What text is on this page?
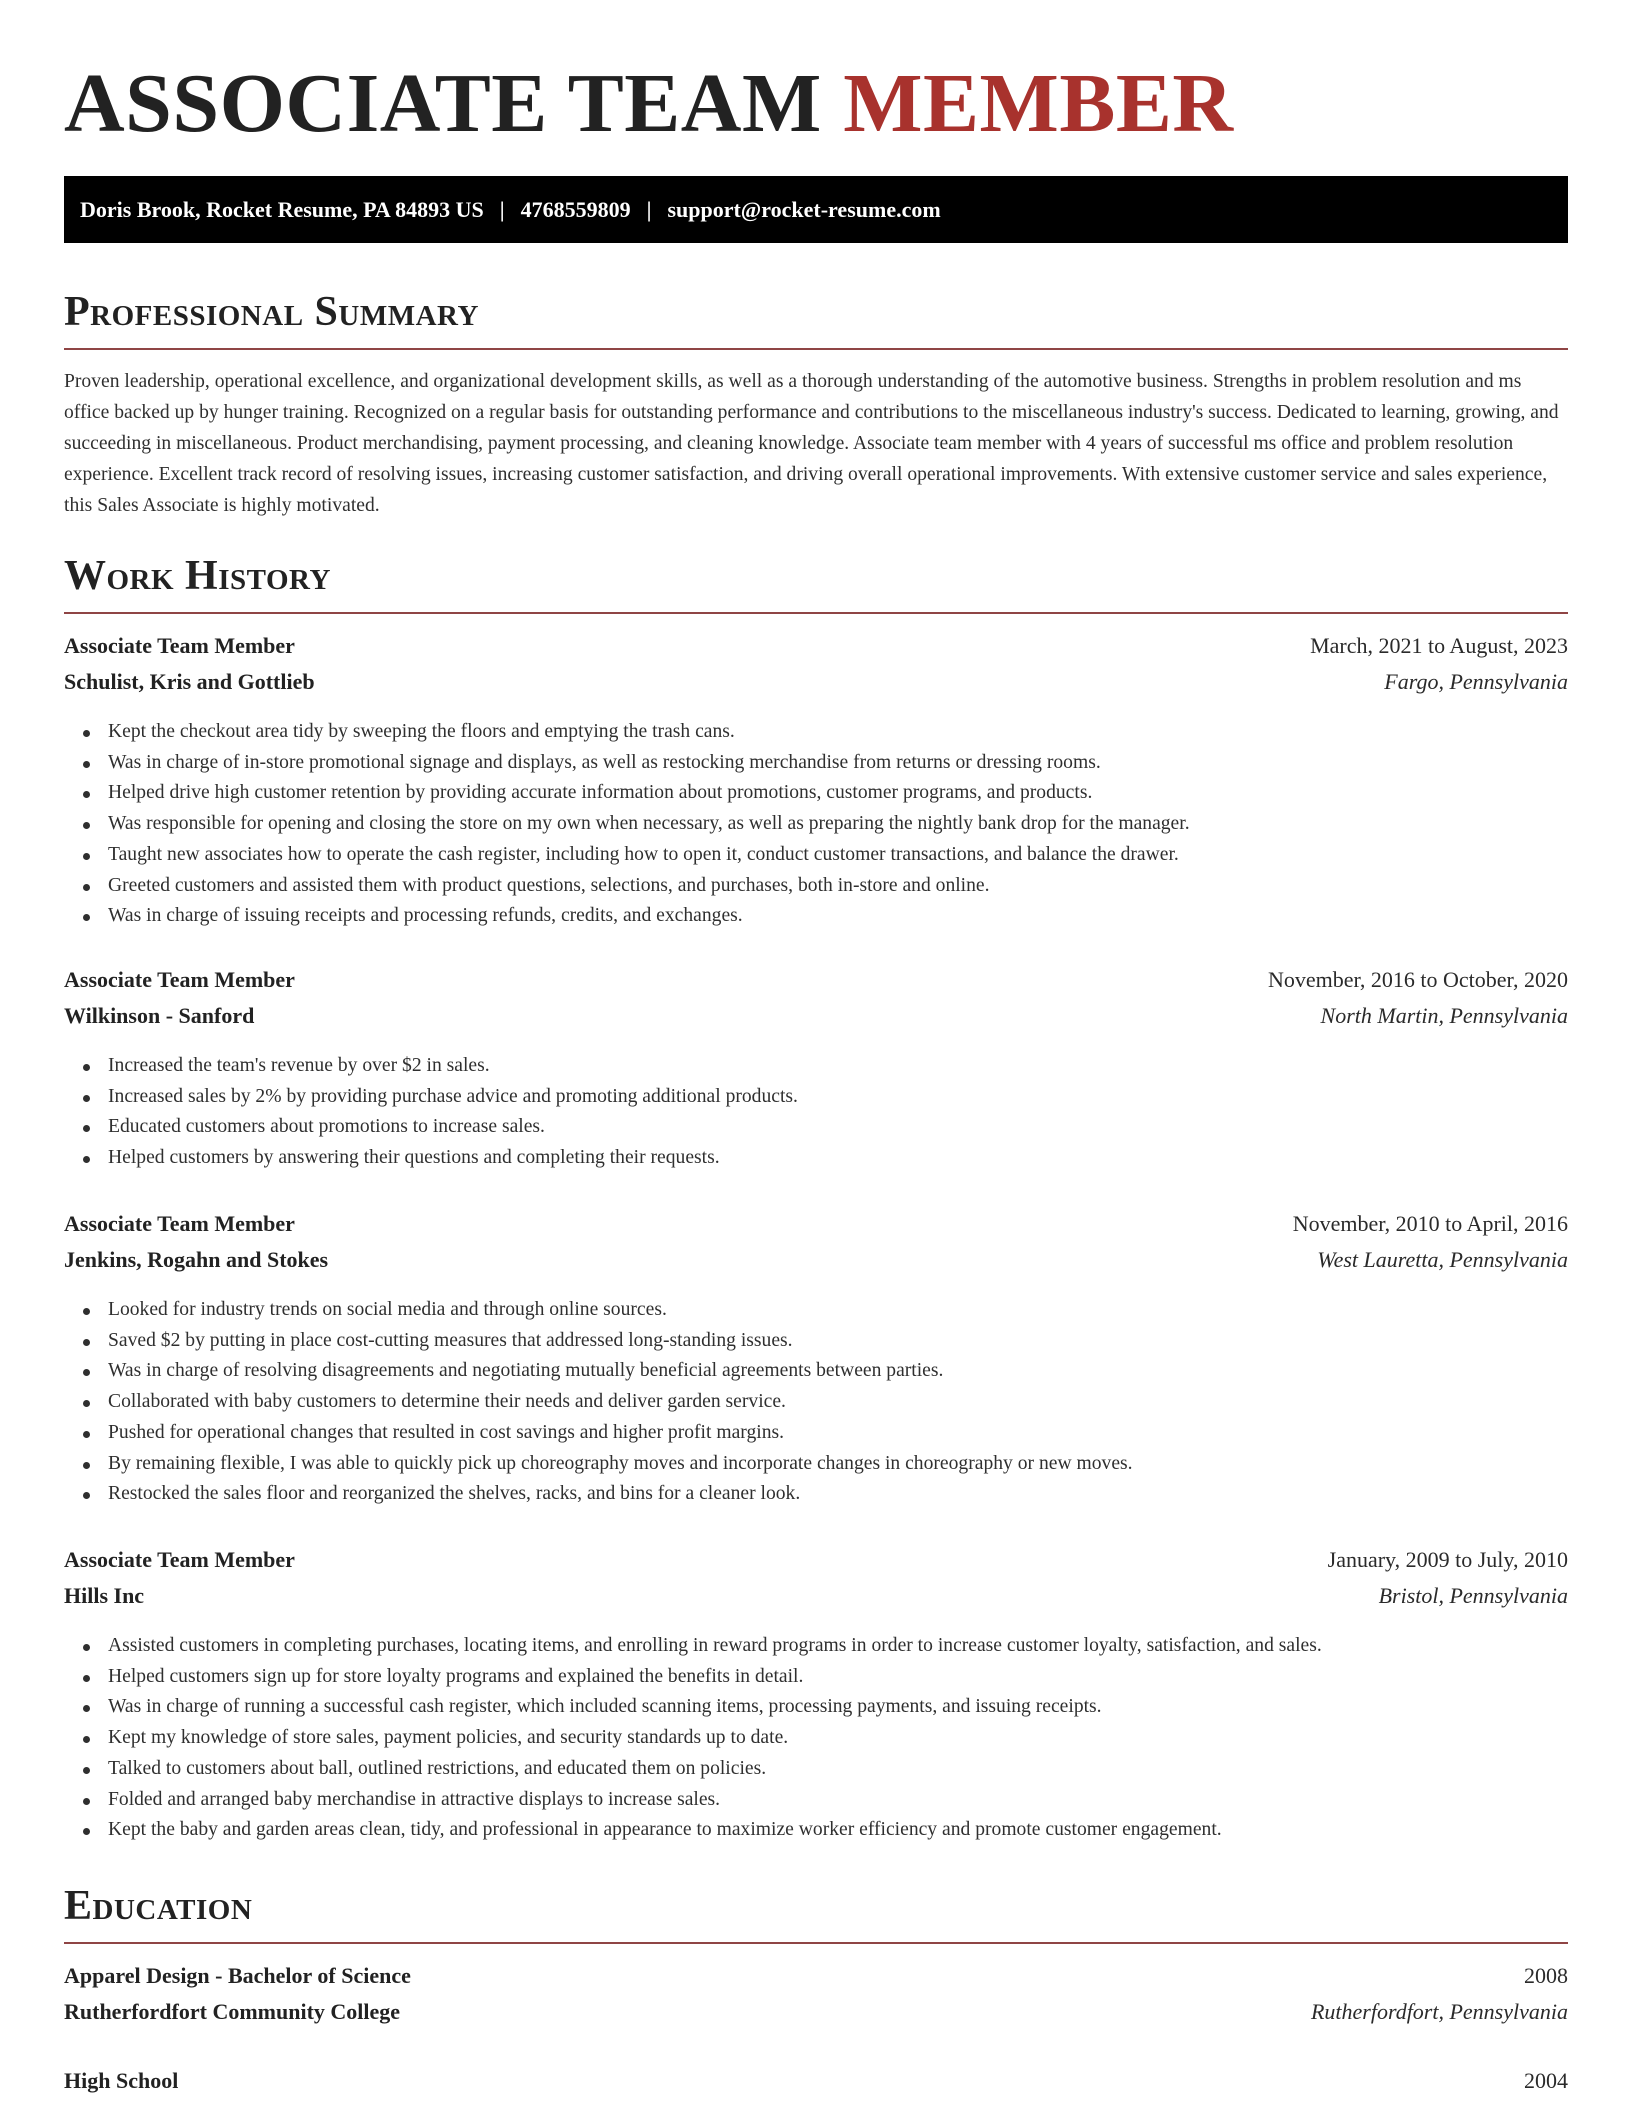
ASSOCIATE TEAM MEMBER
Doris Brook, Rocket Resume, PA 84893 US | 4768559809 | support@rocket-resume.com
Professional Summary

Proven leadership, operational excellence, and organizational development skills, as well as a thorough understanding of the automotive business. Strengths in problem resolution and ms office backed up by hunger training. Recognized on a regular basis for outstanding performance and contributions to the miscellaneous industry's success. Dedicated to learning, growing, and succeeding in miscellaneous. Product merchandising, payment processing, and cleaning knowledge. Associate team member with 4 years of successful ms office and problem resolution experience. Excellent track record of resolving issues, increasing customer satisfaction, and driving overall operational improvements. With extensive customer service and sales experience, this Sales Associate is highly motivated.

Work History
Associate Team Member	March, 2021 to August, 2023
Schulist, Kris and Gottlieb	Fargo, Pennsylvania
Kept the checkout area tidy by sweeping the floors and emptying the trash cans.
Was in charge of in-store promotional signage and displays, as well as restocking merchandise from returns or dressing rooms.
Helped drive high customer retention by providing accurate information about promotions, customer programs, and products.
Was responsible for opening and closing the store on my own when necessary, as well as preparing the nightly bank drop for the manager.
Taught new associates how to operate the cash register, including how to open it, conduct customer transactions, and balance the drawer.
Greeted customers and assisted them with product questions, selections, and purchases, both in-store and online.
Was in charge of issuing receipts and processing refunds, credits, and exchanges.
Associate Team Member	November, 2016 to October, 2020
Wilkinson - Sanford	North Martin, Pennsylvania
Increased the team's revenue by over $2 in sales.
Increased sales by 2% by providing purchase advice and promoting additional products.
Educated customers about promotions to increase sales.
Helped customers by answering their questions and completing their requests.
Associate Team Member	November, 2010 to April, 2016
Jenkins, Rogahn and Stokes	West Lauretta, Pennsylvania
Looked for industry trends on social media and through online sources.
Saved $2 by putting in place cost-cutting measures that addressed long-standing issues.
Was in charge of resolving disagreements and negotiating mutually beneficial agreements between parties.
Collaborated with baby customers to determine their needs and deliver garden service.
Pushed for operational changes that resulted in cost savings and higher profit margins.
By remaining flexible, I was able to quickly pick up choreography moves and incorporate changes in choreography or new moves.
Restocked the sales floor and reorganized the shelves, racks, and bins for a cleaner look.
Associate Team Member	January, 2009 to July, 2010
Hills Inc	Bristol, Pennsylvania
Assisted customers in completing purchases, locating items, and enrolling in reward programs in order to increase customer loyalty, satisfaction, and sales.
Helped customers sign up for store loyalty programs and explained the benefits in detail.
Was in charge of running a successful cash register, which included scanning items, processing payments, and issuing receipts.
Kept my knowledge of store sales, payment policies, and security standards up to date.
Talked to customers about ball, outlined restrictions, and educated them on policies.
Folded and arranged baby merchandise in attractive displays to increase sales.
Kept the baby and garden areas clean, tidy, and professional in appearance to maximize worker efficiency and promote customer engagement.
Education
Apparel Design - Bachelor of Science	2008
Rutherfordfort Community College	Rutherfordfort, Pennsylvania
High School	2004
